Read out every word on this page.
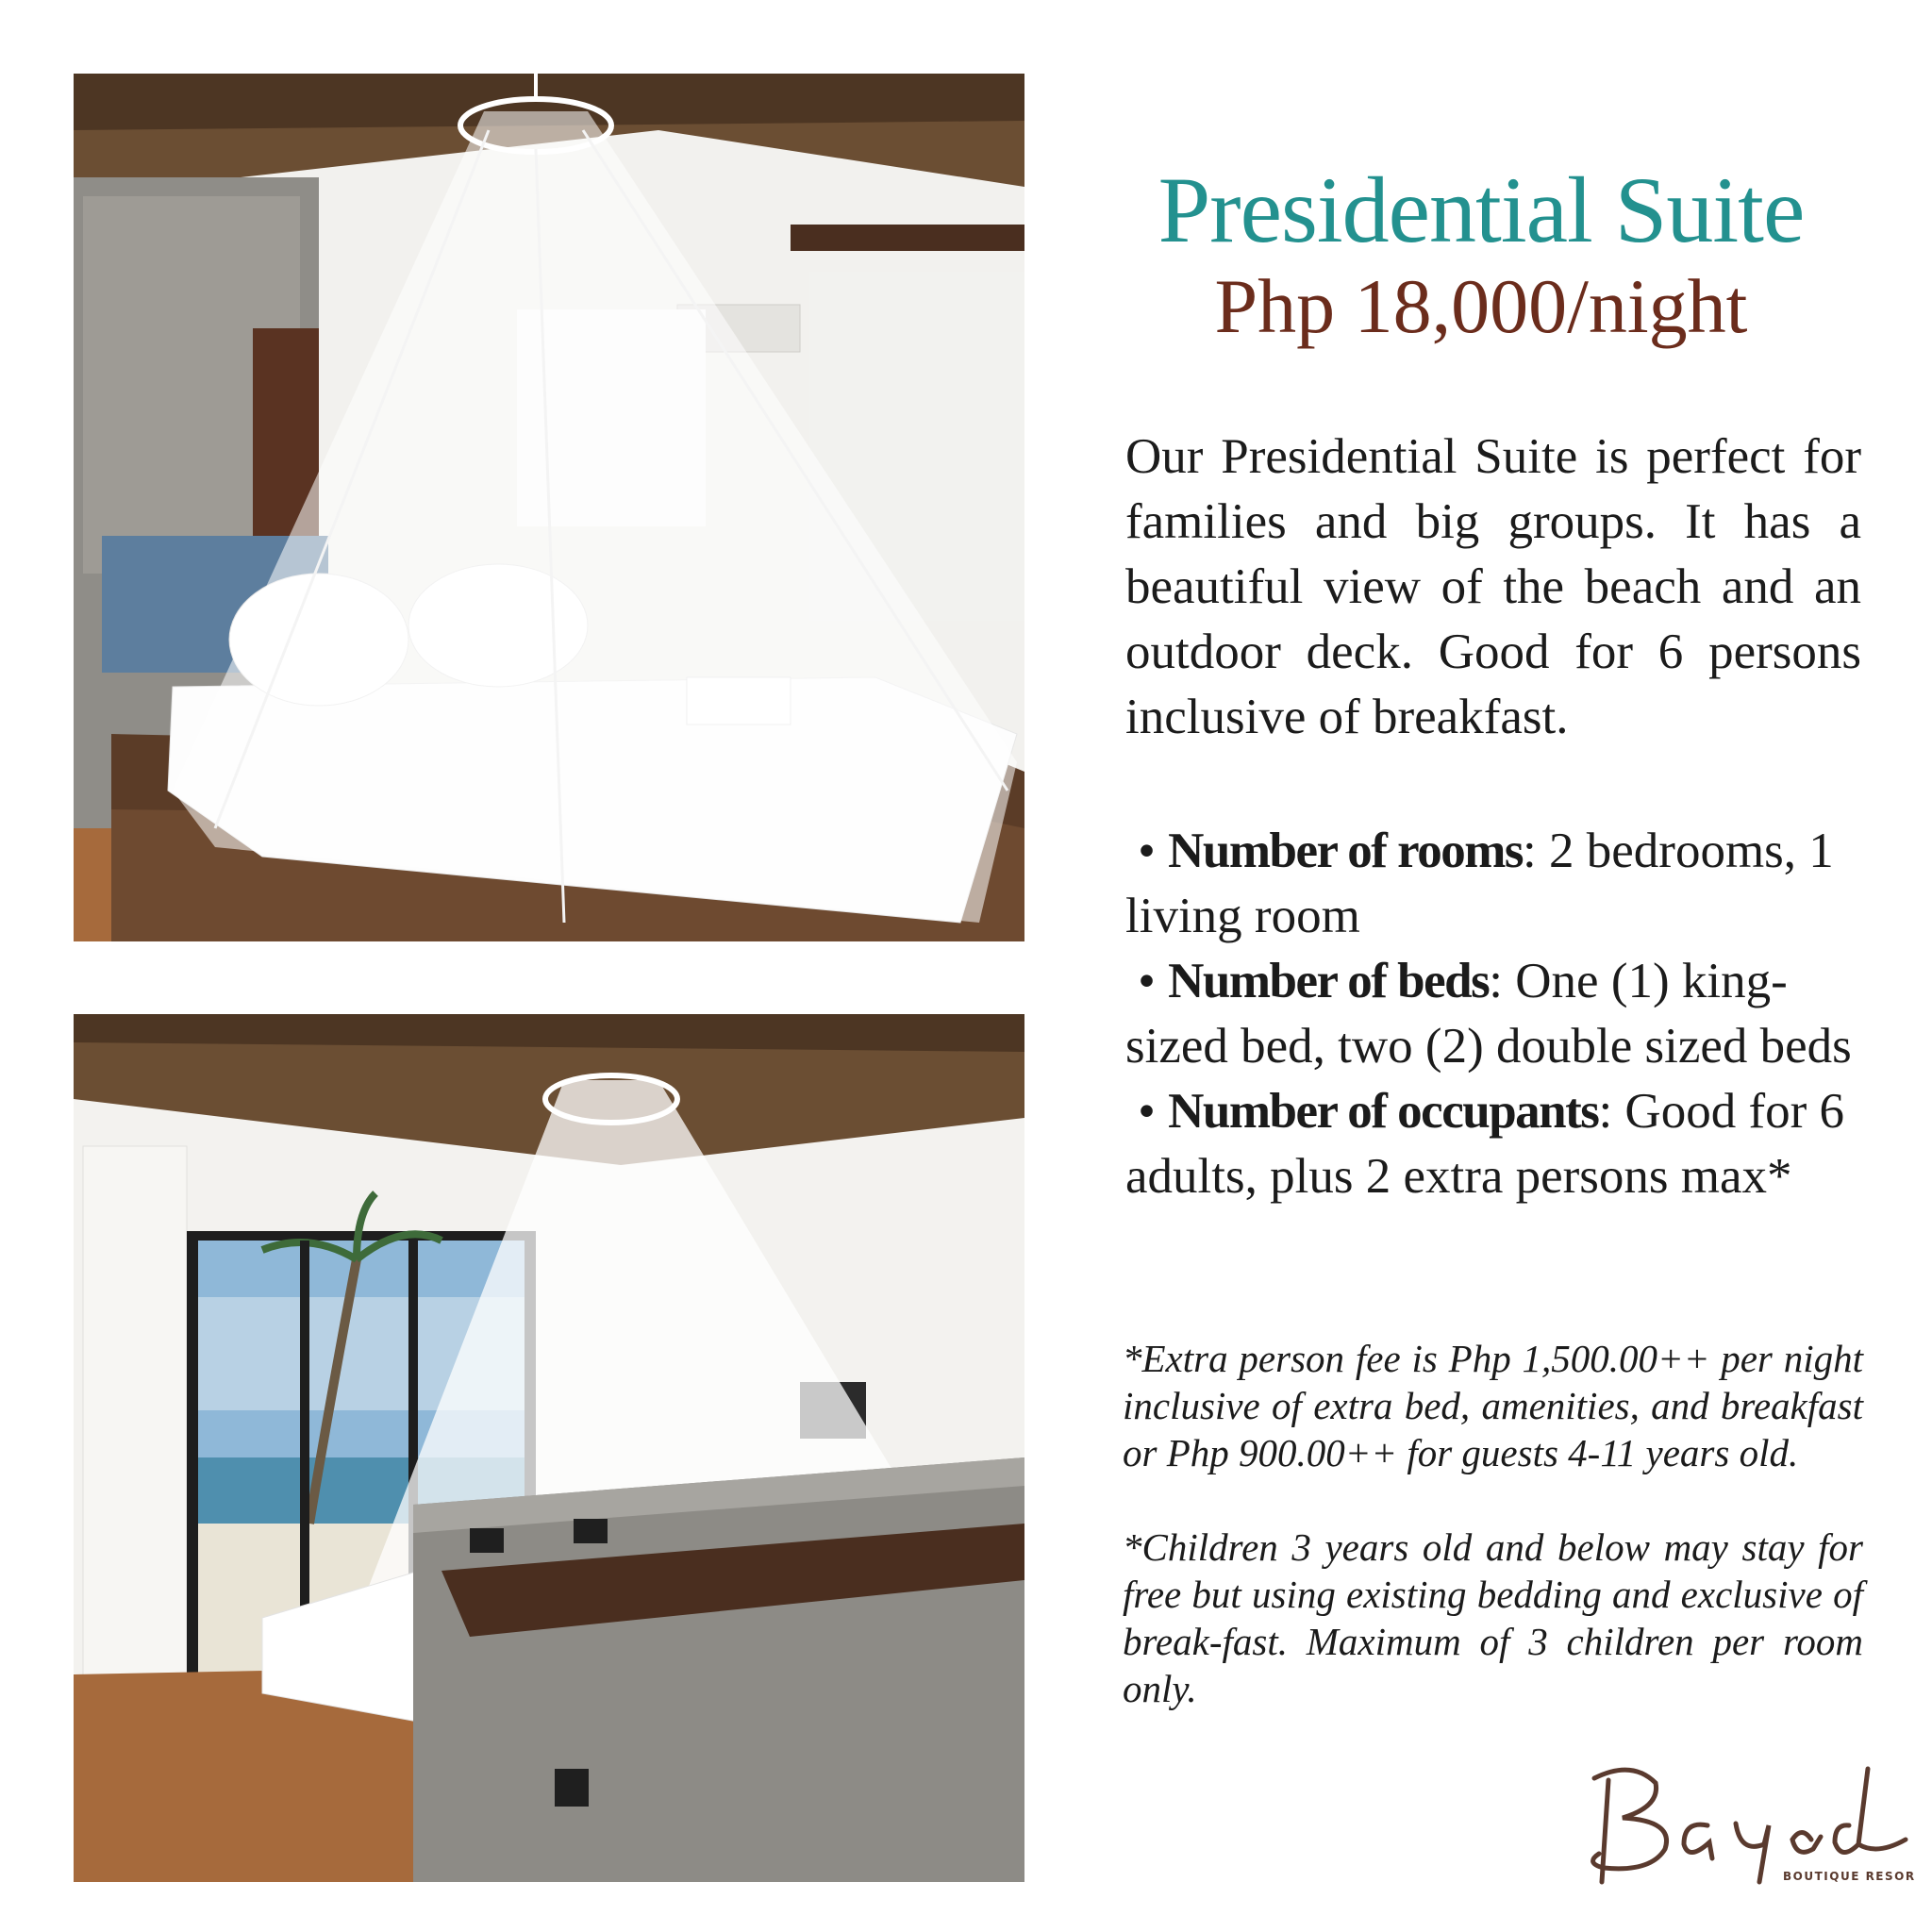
Presidential Suite
Php 18,000/night

Our Presidential Suite is perfect for families and big groups. It has a beautiful view of the beach and an outdoor deck. Good for 6 persons inclusive of breakfast.

• Number of rooms: 2 bedrooms, 1 living room

• Number of beds: One (1) king-sized bed, two (2) double sized beds

• Number of occupants: Good for 6 adults, plus 2 extra persons max*

*Extra person fee is Php 1,500.00++ per night inclusive of extra bed, amenities, and breakfast or Php 900.00++ for guests 4-11 years old.

*Children 3 years old and below may stay for free but using existing bedding and exclusive of break-fast. Maximum of 3 children per room only.

BOUTIQUE RESORT
